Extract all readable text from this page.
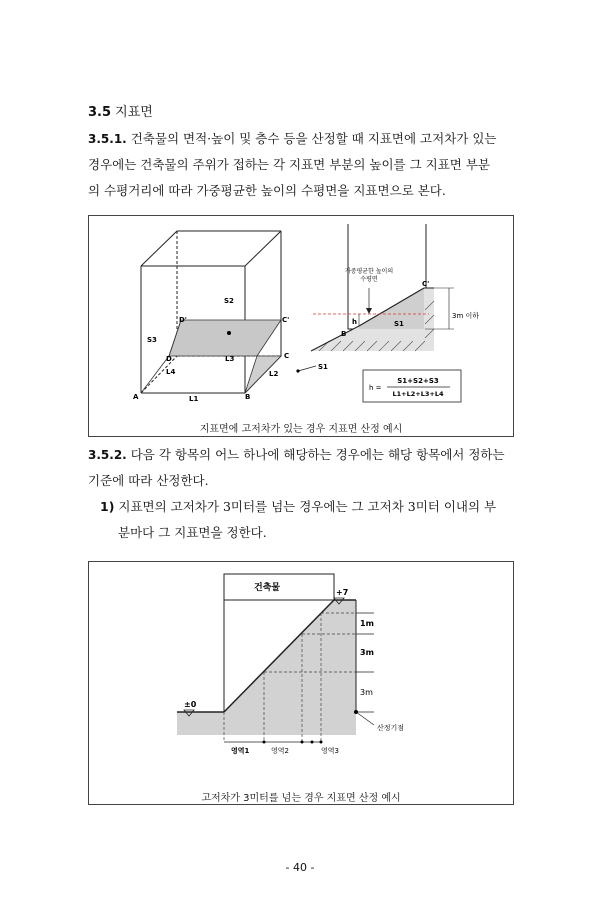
3.5 지표면
3.5.1. 건축물의 면적·높이 및 층수 등을 산정할 때 지표면에 고저차가 있는
경우에는 건축물의 주위가 접하는 각 지표면 부분의 높이를 그 지표면 부분
의 수평거리에 따라 가중평균한 높이의 수평면을 지표면으로 본다.
S2
S3
S1
D'	C'
D	C
A	B
L1
L2
L3
L4
가중평균한 높이의
수평면
C'
B
h	S1
3m 이하
h =
S1+S2+S3
L1+L2+L3+L4
지표면에 고저차가 있는 경우 지표면 산정 예시
3.5.2. 다음 각 항목의 어느 하나에 해당하는 경우에는 해당 항목에서 정하는
기준에 따라 산정한다.
1) 지표면의 고저차가 3미터를 넘는 경우에는 그 고저차 3미터 이내의 부
분마다 그 지표면을 정한다.
건축물	+7
±0
1m
3m
3m
산정기점
영역1	영역2	영역3
고저차가 3미터를 넘는 경우 지표면 산정 예시
- 40 -
